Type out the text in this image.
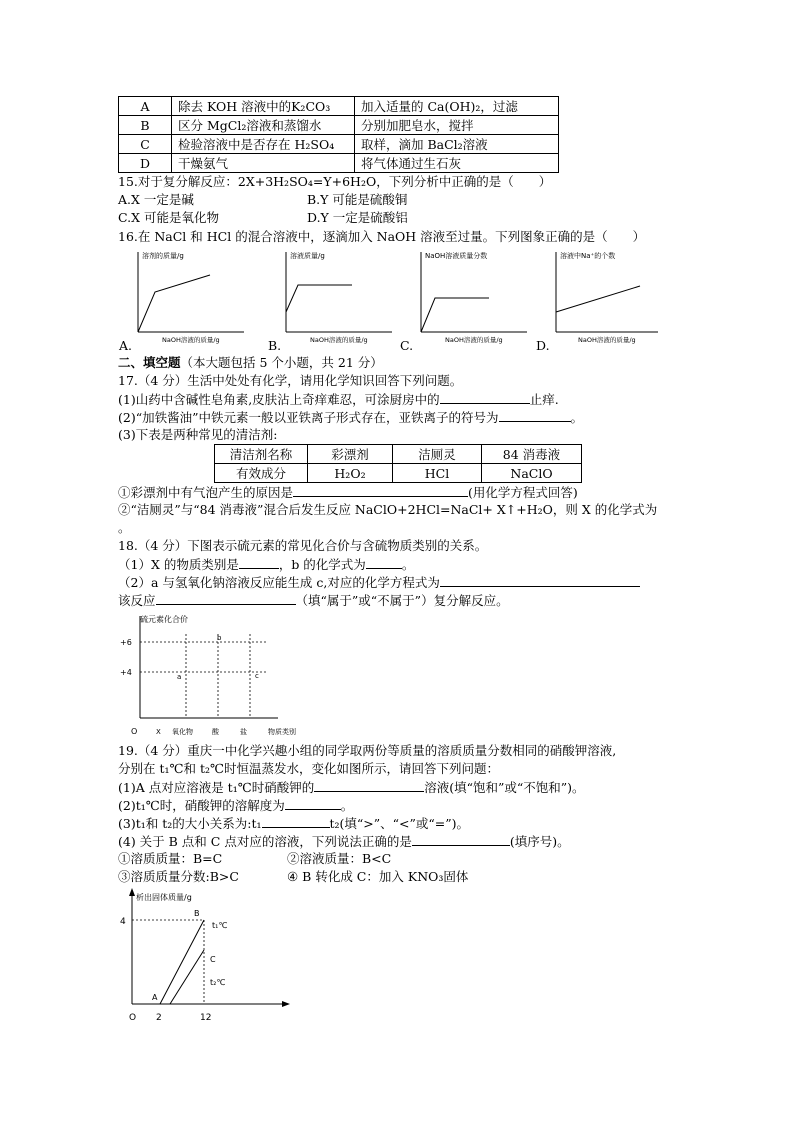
A	除去 KOH 溶液中的K₂CO₃	加入适量的 Ca(OH)₂，过滤
B	区分 MgCl₂溶液和蒸馏水	分别加肥皂水，搅拌
C	检验溶液中是否存在 H₂SO₄	取样，滴加 BaCl₂溶液
D	干燥氨气	将气体通过生石灰
15.对于复分解反应：2X+3H₂SO₄=Y+6H₂O，下列分析中正确的是（　　）
A.X 一定是碱	B.Y 可能是硫酸铜
C.X 可能是氧化物	D.Y 一定是硫酸铝
16.在 NaCl 和 HCl 的混合溶液中，逐滴加入 NaOH 溶液至过量。下列图象正确的是（　　）
溶剂的质量/g
NaOH溶液的质量/g
A.
溶液质量/g
NaOH溶液的质量/g
B.
NaOH溶液质量分数
NaOH溶液的质量/g
C.
溶液中Na⁺的个数
NaOH溶液的质量/g
D.
二、填空题（本大题包括 5 个小题，共 21 分）
17.（4 分）生活中处处有化学，请用化学知识回答下列问题。
(1)山药中含碱性皂角素,皮肤沾上奇痒难忍，可涂厨房中的	止痒.
(2)“加铁酱油”中铁元素一般以亚铁离子形式存在，亚铁离子的符号为	。
(3)下表是两种常见的清洁剂:
清洁剂名称	彩漂剂	洁厕灵	84 消毒液
有效成分	H₂O₂	HCl	NaClO
①彩漂剂中有气泡产生的原因是	(用化学方程式回答)
②“洁厕灵”与“84 消毒液”混合后发生反应 NaClO+2HCl=NaCl+ X↑+H₂O，则 X 的化学式为
。
18.（4 分）下图表示硫元素的常见化合价与含硫物质类别的关系。
（1）X 的物质类别是	，b 的化学式为	。
（2）a 与氢氧化钠溶液反应能生成 c,对应的化学方程式为
该反应	（填“属于”或“不属于”）复分解反应。
硫元素化合价
+6
+4
b
a	c
O	X 氧化物	酸	盐	物质类别
19.（4 分）重庆一中化学兴趣小组的同学取两份等质量的溶质质量分数相同的硝酸钾溶液,
分别在 t₁℃和 t₂℃时恒温蒸发水，变化如图所示，请回答下列问题：
(1)A 点对应溶液是 t₁℃时硝酸钾的	溶液(填“饱和”或“不饱和”)。
(2)t₁℃时，硝酸钾的溶解度为	。
(3)t₁和 t₂的大小关系为:t₁	t₂(填“>”、“<”或“=”)。
(4) 关于 B 点和 C 点对应的溶液，下列说法正确的是	(填序号)。
①溶质质量：B=C	②溶液质量：B<C
③溶质质量分数:B>C	④ B 转化成 C：加入 KNO₃固体
析出固体质量/g
4
B
t₁℃
C
t₂℃
A
O 2	12
